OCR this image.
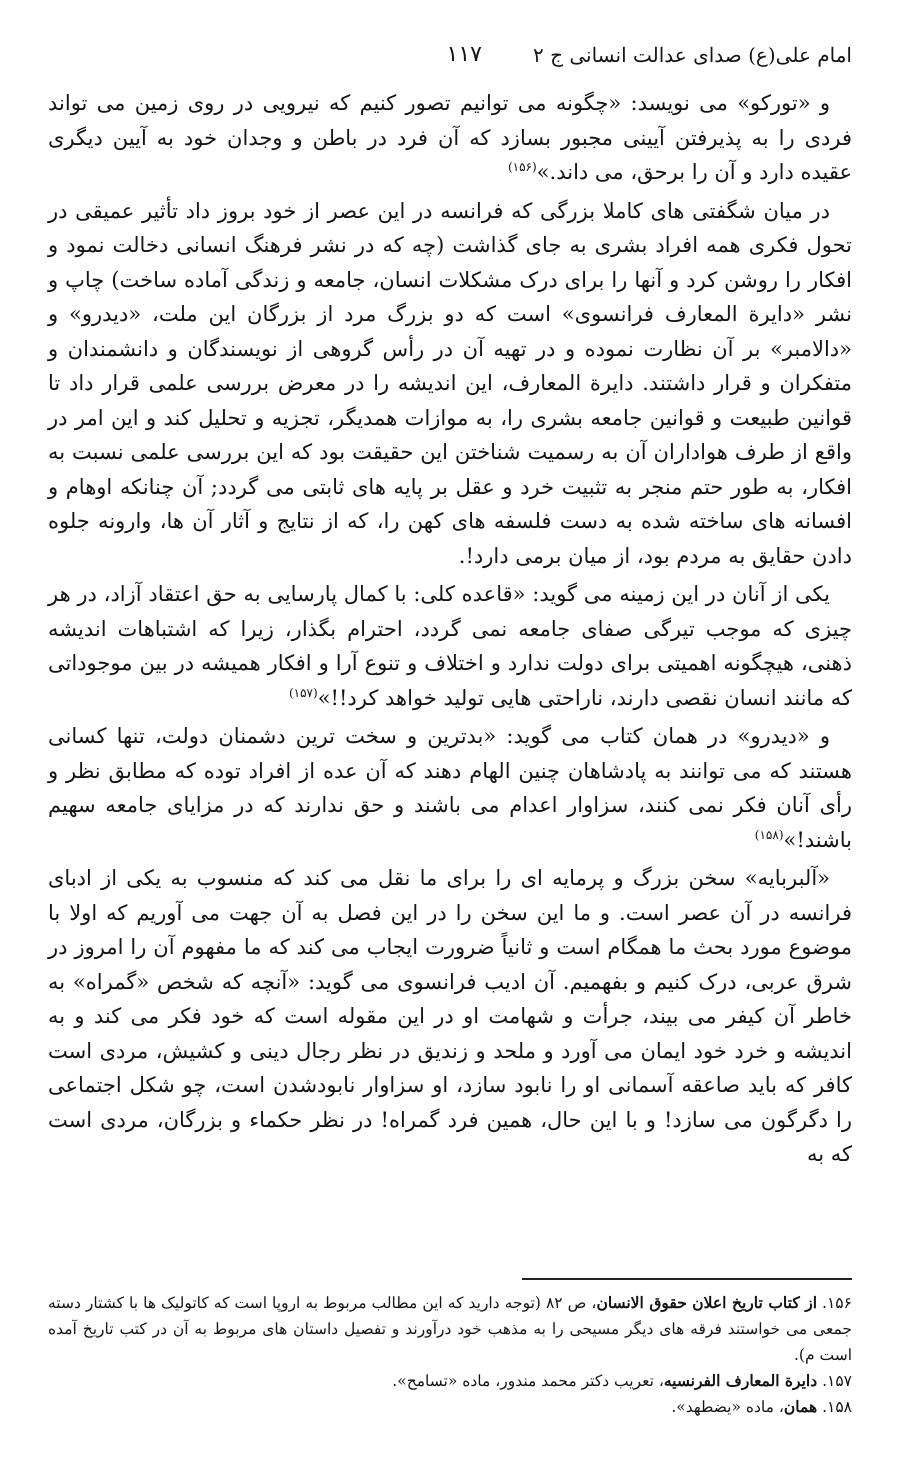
امام علی(ع) صدای عدالت انسانی ج ۲
۱۱۷

و «تورکو» می نویسد: «چگونه می توانیم تصور کنیم که نیرویی در روی زمین می تواند فردی را به پذیرفتن آیینی مجبور بسازد که آن فرد در باطن و وجدان خود به آیین دیگری عقیده دارد و آن را برحق، می داند.»$^{(۱۵۶)}$

در میان شگفتی های کاملا بزرگی که فرانسه در این عصر از خود بروز داد تأثیر عمیقی در تحول فکری همه افراد بشری به جای گذاشت (چه که در نشر فرهنگ انسانی دخالت نمود و افکار را روشن کرد و آنها را برای درک مشکلات انسان، جامعه و زندگی آماده ساخت) چاپ و نشر «دایرة المعارف فرانسوی» است که دو بزرگ مرد از بزرگان این ملت، «دیدرو» و «دالامبر» بر آن نظارت نموده و در تهیه آن در رأس گروهی از نویسندگان و دانشمندان و متفکران و قرار داشتند. دایرة المعارف، این اندیشه را در معرض بررسی علمی قرار داد تا قوانین طبیعت و قوانین جامعه بشری را، به موازات همدیگر، تجزیه و تحلیل کند و این امر در واقع از طرف هواداران آن به رسمیت شناختن این حقیقت بود که این بررسی علمی نسبت به افکار، به طور حتم منجر به تثبیت خرد و عقل بر پایه های ثابتی می گردد; آن چنانکه اوهام و افسانه های ساخته شده به دست فلسفه های کهن را، که از نتایج و آثار آن ها، وارونه جلوه دادن حقایق به مردم بود، از میان برمی دارد!.

یکی از آنان در این زمینه می گوید: «قاعده کلی: با کمال پارسایی به حق اعتقاد آزاد، در هر چیزی که موجب تیرگی صفای جامعه نمی گردد، احترام بگذار، زیرا که اشتباهات اندیشه ذهنی، هیچگونه اهمیتی برای دولت ندارد و اختلاف و تنوع آرا و افکار همیشه در بین موجوداتی که مانند انسان نقصی دارند، ناراحتی هایی تولید خواهد کرد!!»$^{(۱۵۷)}$

و «دیدرو» در همان کتاب می گوید: «بدترین و سخت ترین دشمنان دولت، تنها کسانی هستند که می توانند به پادشاهان چنین الهام دهند که آن عده از افراد توده که مطابق نظر و رأی آنان فکر نمی کنند، سزاوار اعدام می باشند و حق ندارند که در مزایای جامعه سهیم باشند!»$^{(۱۵۸)}$

«آلبربایه» سخن بزرگ و پرمایه ای را برای ما نقل می کند که منسوب به یکی از ادبای فرانسه در آن عصر است. و ما این سخن را در این فصل به آن جهت می آوریم که اولا با موضوع مورد بحث ما همگام است و ثانیاً ضرورت ایجاب می کند که ما مفهوم آن را امروز در شرق عربی، درک کنیم و بفهمیم. آن ادیب فرانسوی می گوید: «آنچه که شخص «گمراه» به خاطر آن کیفر می بیند، جرأت و شهامت او در این مقوله است که خود فکر می کند و به اندیشه و خرد خود ایمان می آورد و ملحد و زندیق در نظر رجال دینی و کشیش، مردی است کافر که باید صاعقه آسمانی او را نابود سازد، او سزاوار نابودشدن است، چو شکل اجتماعی را دگرگون می سازد! و با این حال، همین فرد گمراه! در نظر حکماء و بزرگان، مردی است که به

۱۵۶. از کتاب تاریخ اعلان حقوق الانسان، ص ۸۲ (توجه دارید که این مطالب مربوط به اروپا است که کاتولیک ها با کشتار دسته جمعی می خواستند فرقه های دیگر مسیحی را به مذهب خود درآورند و تفصیل داستان های مربوط به آن در کتب تاریخ آمده است م).

۱۵۷. دایرة المعارف الفرنسیه، تعریب دکتر محمد مندور، ماده «تسامح».

۱۵۸. همان، ماده «یضطهد».
